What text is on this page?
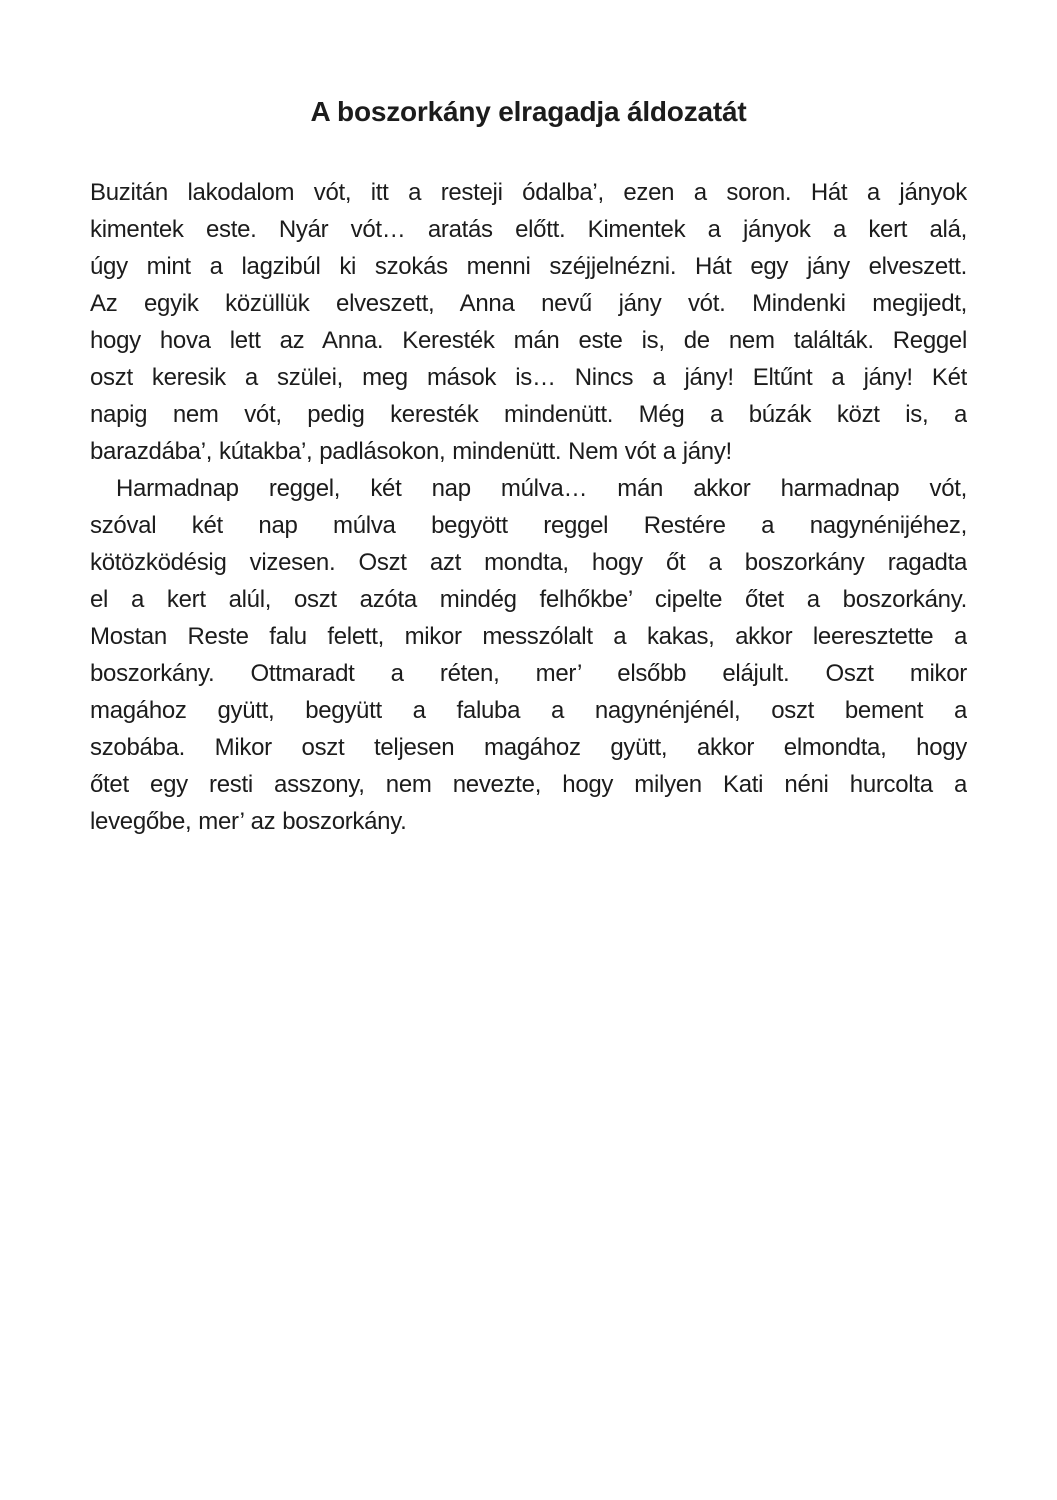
A boszorkány elragadja áldozatát
Buzitán lakodalom vót, itt a resteji ódalba’, ezen a soron. Hát a jányok
kimentek este. Nyár vót… aratás előtt. Kimentek a jányok a kert alá,
úgy mint a lagzibúl ki szokás menni széjjelnézni. Hát egy jány elveszett.
Az egyik közüllük elveszett, Anna nevű jány vót. Mindenki megijedt,
hogy hova lett az Anna. Keresték mán este is, de nem találták. Reggel
oszt keresik a szülei, meg mások is… Nincs a jány! Eltűnt a jány! Két
napig nem vót, pedig keresték mindenütt. Még a búzák közt is, a
barazdába’, kútakba’, padlásokon, mindenütt. Nem vót a jány!
Harmadnap reggel, két nap múlva… mán akkor harmadnap vót,
szóval két nap múlva begyött reggel Restére a nagynénijéhez,
kötözködésig vizesen. Oszt azt mondta, hogy őt a boszorkány ragadta
el a kert alúl, oszt azóta mindég felhőkbe’ cipelte őtet a boszorkány.
Mostan Reste falu felett, mikor messzólalt a kakas, akkor leeresztette a
boszorkány. Ottmaradt a réten, mer’ elsőbb elájult. Oszt mikor
magához gyütt, begyütt a faluba a nagynénjénél, oszt bement a
szobába. Mikor oszt teljesen magához gyütt, akkor elmondta, hogy
őtet egy resti asszony, nem nevezte, hogy milyen Kati néni hurcolta a
levegőbe, mer’ az boszorkány.
